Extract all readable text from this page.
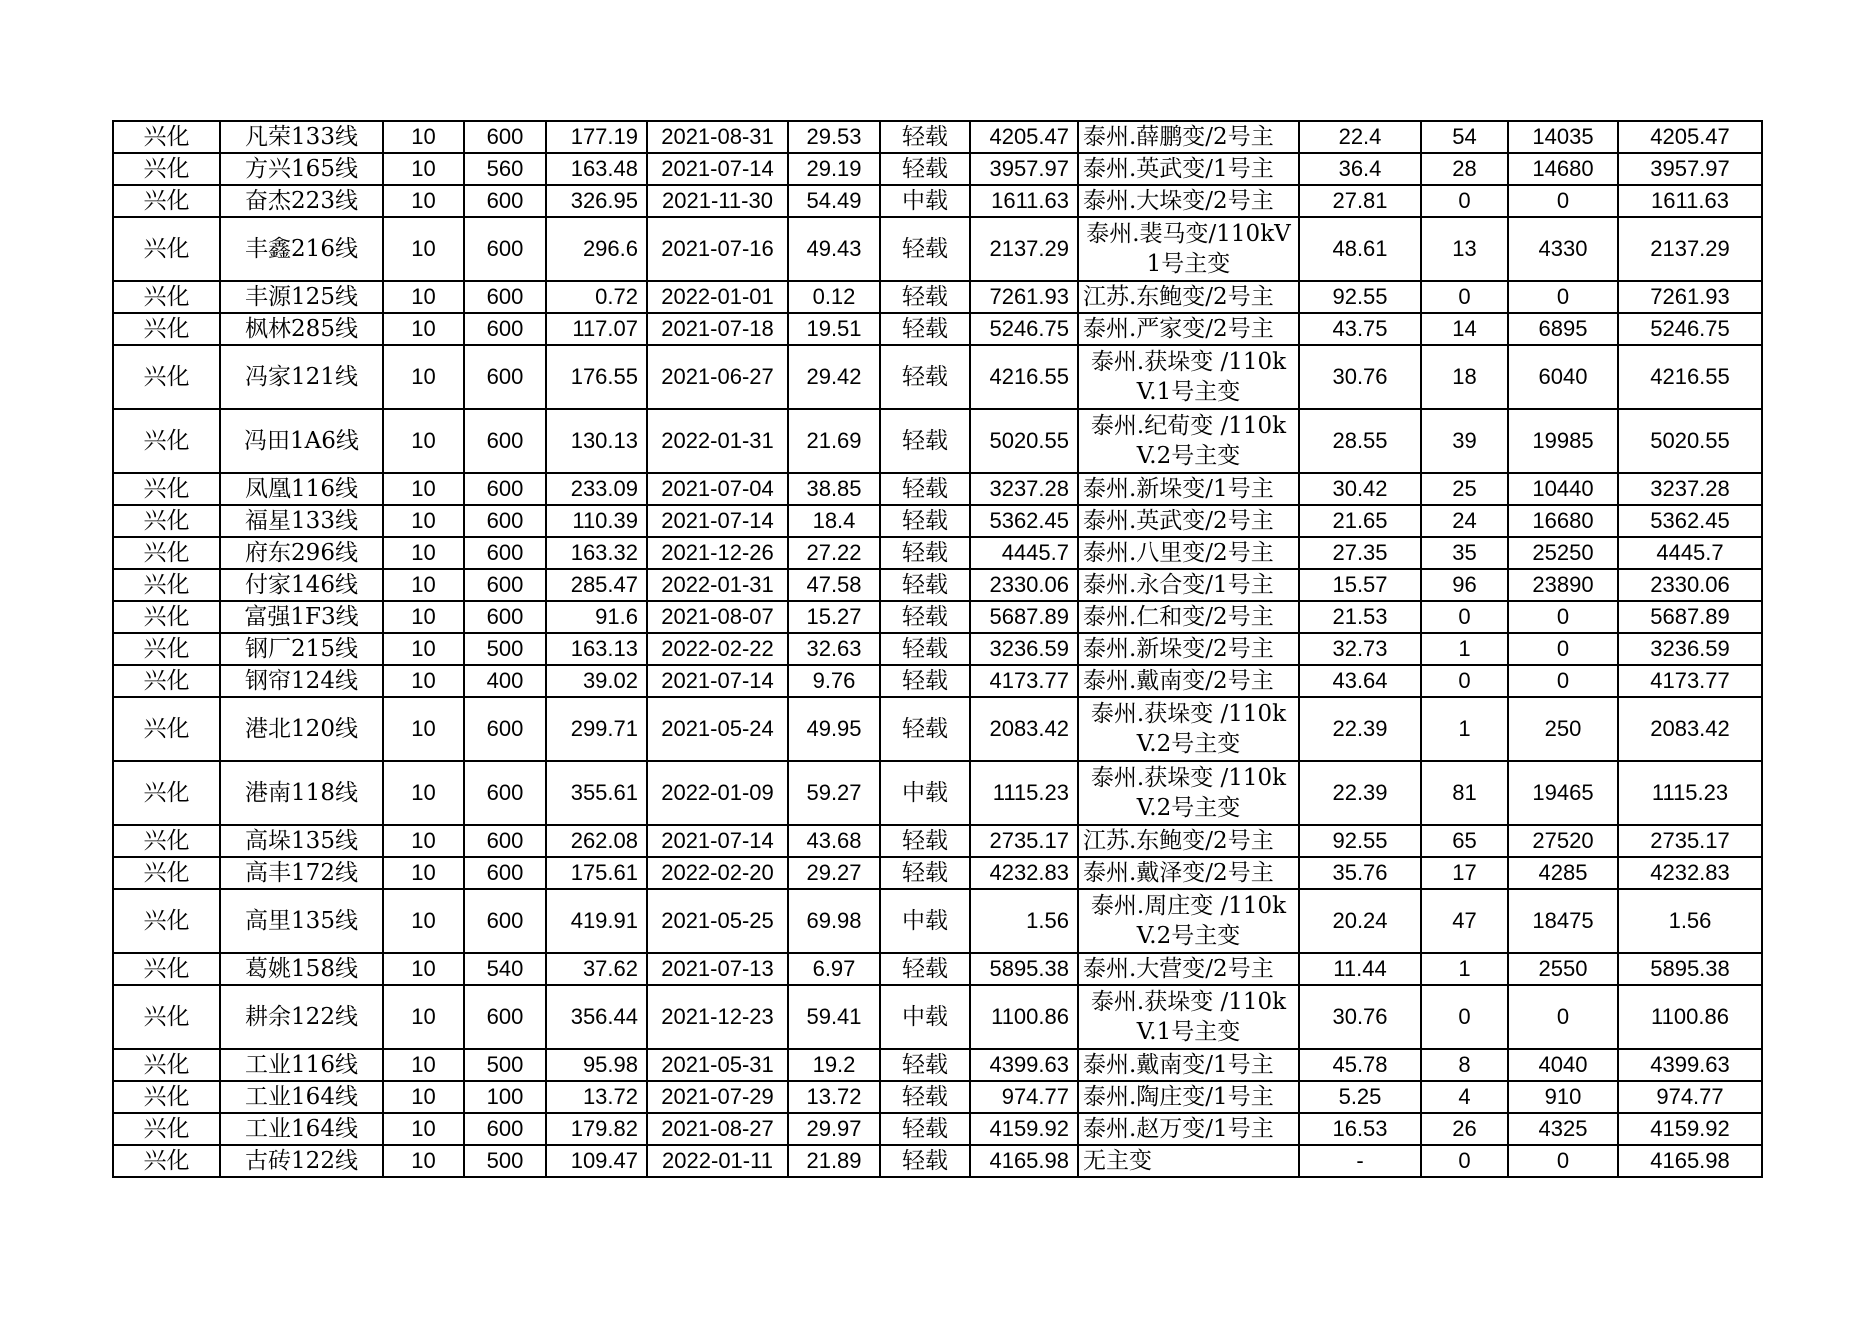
兴化	凡荣133线	10	600	177.19	2021-08-31	29.53	轻载	4205.47	泰州.薛鹏变/2号主	22.4	54	14035	4205.47
兴化	方兴165线	10	560	163.48	2021-07-14	29.19	轻载	3957.97	泰州.英武变/1号主	36.4	28	14680	3957.97
兴化	奋杰223线	10	600	326.95	2021-11-30	54.49	中载	1611.63	泰州.大垛变/2号主	27.81	0	0	1611.63
兴化	丰鑫216线	10	600	296.6	2021-07-16	49.43	轻载	2137.29	泰州.裴马变/110kV 1号主变	48.61	13	4330	2137.29
兴化	丰源125线	10	600	0.72	2022-01-01	0.12	轻载	7261.93	江苏.东鲍变/2号主	92.55	0	0	7261.93
兴化	枫林285线	10	600	117.07	2021-07-18	19.51	轻载	5246.75	泰州.严家变/2号主	43.75	14	6895	5246.75
兴化	冯家121线	10	600	176.55	2021-06-27	29.42	轻载	4216.55	泰州.获垛变 /110kV.1号主变	30.76	18	6040	4216.55
兴化	冯田1A6线	10	600	130.13	2022-01-31	21.69	轻载	5020.55	泰州.纪荀变 /110kV.2号主变	28.55	39	19985	5020.55
兴化	凤凰116线	10	600	233.09	2021-07-04	38.85	轻载	3237.28	泰州.新垛变/1号主	30.42	25	10440	3237.28
兴化	福星133线	10	600	110.39	2021-07-14	18.4	轻载	5362.45	泰州.英武变/2号主	21.65	24	16680	5362.45
兴化	府东296线	10	600	163.32	2021-12-26	27.22	轻载	4445.7	泰州.八里变/2号主	27.35	35	25250	4445.7
兴化	付家146线	10	600	285.47	2022-01-31	47.58	轻载	2330.06	泰州.永合变/1号主	15.57	96	23890	2330.06
兴化	富强1F3线	10	600	91.6	2021-08-07	15.27	轻载	5687.89	泰州.仁和变/2号主	21.53	0	0	5687.89
兴化	钢厂215线	10	500	163.13	2022-02-22	32.63	轻载	3236.59	泰州.新垛变/2号主	32.73	1	0	3236.59
兴化	钢帘124线	10	400	39.02	2021-07-14	9.76	轻载	4173.77	泰州.戴南变/2号主	43.64	0	0	4173.77
兴化	港北120线	10	600	299.71	2021-05-24	49.95	轻载	2083.42	泰州.获垛变 /110kV.2号主变	22.39	1	250	2083.42
兴化	港南118线	10	600	355.61	2022-01-09	59.27	中载	1115.23	泰州.获垛变 /110kV.2号主变	22.39	81	19465	1115.23
兴化	高垛135线	10	600	262.08	2021-07-14	43.68	轻载	2735.17	江苏.东鲍变/2号主	92.55	65	27520	2735.17
兴化	高丰172线	10	600	175.61	2022-02-20	29.27	轻载	4232.83	泰州.戴泽变/2号主	35.76	17	4285	4232.83
兴化	高里135线	10	600	419.91	2021-05-25	69.98	中载	1.56	泰州.周庄变 /110kV.2号主变	20.24	47	18475	1.56
兴化	葛姚158线	10	540	37.62	2021-07-13	6.97	轻载	5895.38	泰州.大营变/2号主	11.44	1	2550	5895.38
兴化	耕余122线	10	600	356.44	2021-12-23	59.41	中载	1100.86	泰州.获垛变 /110kV.1号主变	30.76	0	0	1100.86
兴化	工业116线	10	500	95.98	2021-05-31	19.2	轻载	4399.63	泰州.戴南变/1号主	45.78	8	4040	4399.63
兴化	工业164线	10	100	13.72	2021-07-29	13.72	轻载	974.77	泰州.陶庄变/1号主	5.25	4	910	974.77
兴化	工业164线	10	600	179.82	2021-08-27	29.97	轻载	4159.92	泰州.赵万变/1号主	16.53	26	4325	4159.92
兴化	古砖122线	10	500	109.47	2022-01-11	21.89	轻载	4165.98	无主变	-	0	0	4165.98
